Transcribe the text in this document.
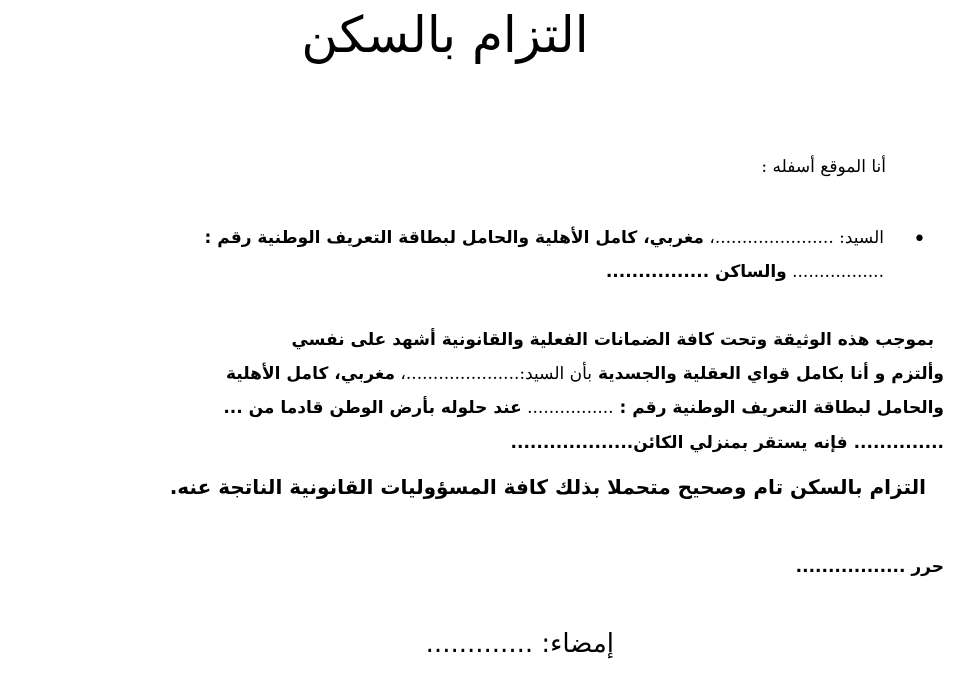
التزام بالسكن
أنا الموقع أسفله :
•
السيد: ......................، مغربي، كامل الأهلية والحامل لبطاقة التعريف الوطنية رقم :
................. والساكن ................
بموجب هذه الوثيقة وتحت كافة الضمانات الفعلية والقانونية أشهد على نفسي
وألتزم و أنا بكامل قواي العقلية والجسدية بأن السيد:.....................، مغربي، كامل الأهلية
والحامل لبطاقة التعريف الوطنية رقم : ................ عند حلوله بأرض الوطن قادما من ...
.............. فإنه يستقر بمنزلي الكائن...................
التزام بالسكن تام وصحيح متحملا بذلك كافة المسؤوليات القانونية الناتجة عنه.
حرر .................
إمضاء: .............
